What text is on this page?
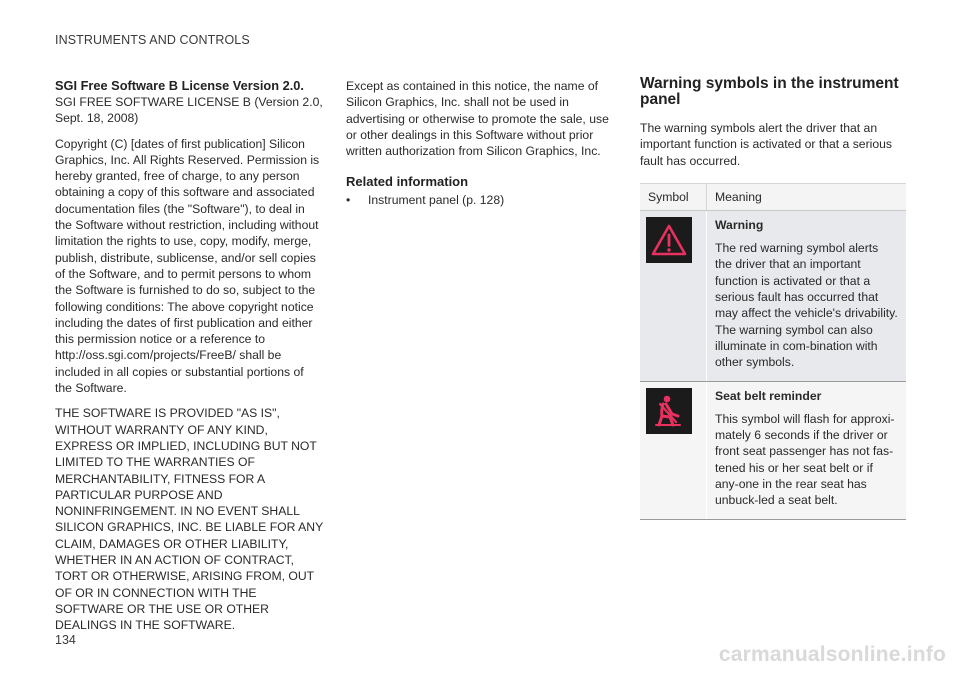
INSTRUMENTS AND CONTROLS
SGI Free Software B License Version 2.0.

SGI FREE SOFTWARE LICENSE B (Version 2.0, Sept. 18, 2008)

Copyright (C) [dates of first publication] Silicon Graphics, Inc. All Rights Reserved. Permission is hereby granted, free of charge, to any person obtaining a copy of this software and associated documentation files (the "Software"), to deal in the Software without restriction, including without limitation the rights to use, copy, modify, merge, publish, distribute, sublicense, and/or sell copies of the Software, and to permit persons to whom the Software is furnished to do so, subject to the following conditions: The above copyright notice including the dates of first publication and either this permission notice or a reference to http://oss.sgi.com/projects/FreeB/ shall be included in all copies or substantial portions of the Software.

THE SOFTWARE IS PROVIDED "AS IS", WITHOUT WARRANTY OF ANY KIND, EXPRESS OR IMPLIED, INCLUDING BUT NOT LIMITED TO THE WARRANTIES OF MERCHANTABILITY, FITNESS FOR A PARTICULAR PURPOSE AND NONINFRINGEMENT. IN NO EVENT SHALL SILICON GRAPHICS, INC. BE LIABLE FOR ANY CLAIM, DAMAGES OR OTHER LIABILITY, WHETHER IN AN ACTION OF CONTRACT, TORT OR OTHERWISE, ARISING FROM, OUT OF OR IN CONNECTION WITH THE SOFTWARE OR THE USE OR OTHER DEALINGS IN THE SOFTWARE.

Except as contained in this notice, the name of Silicon Graphics, Inc. shall not be used in advertising or otherwise to promote the sale, use or other dealings in this Software without prior written authorization from Silicon Graphics, Inc.

Related information
•	Instrument panel (p. 128)
Warning symbols in the instrument panel

The warning symbols alert the driver that an important function is activated or that a serious fault has occurred.

Symbol	Meaning

Warning
The red warning symbol alerts the driver that an important function is activated or that a serious fault has occurred that may affect the vehicle's drivability. The warning symbol can also illuminate in com-bination with other symbols.

Seat belt reminder
This symbol will flash for approxi-mately 6 seconds if the driver or front seat passenger has not fas-tened his or her seat belt or if any-one in the rear seat has unbuck-led a seat belt.
134
carmanualsonline.info
